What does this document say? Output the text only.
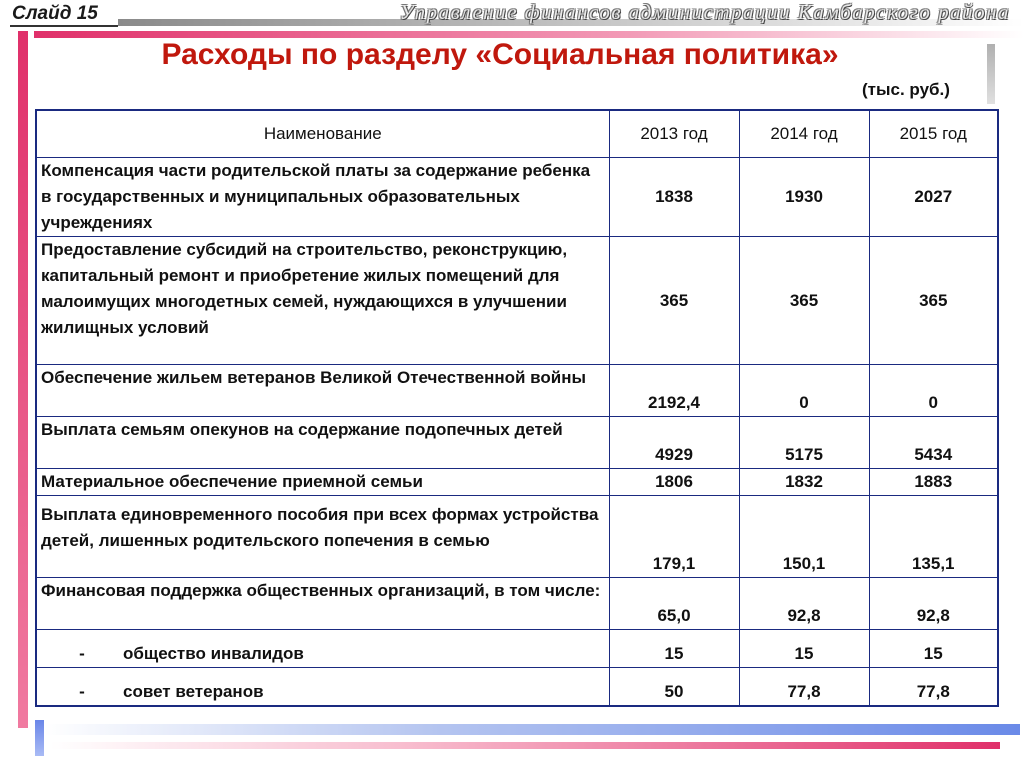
Слайд 15	Управление финансов администрации Камбарского района
Расходы по разделу «Социальная политика»
(тыс. руб.)
Наименование	2013 год	2014 год	2015 год
Компенсация части родительской платы за содержание ребенка в государственных и муниципальных образовательных учреждениях	1838	1930	2027
Предоставление субсидий на строительство, реконструкцию, капитальный ремонт и приобретение жилых помещений для малоимущих многодетных семей, нуждающихся в улучшении жилищных условий	365	365	365
Обеспечение жильем ветеранов Великой Отечественной войны	2192,4	0	0
Выплата семьям опекунов на содержание подопечных детей	4929	5175	5434
Материальное обеспечение приемной семьи	1806	1832	1883
Выплата единовременного пособия при всех формах устройства детей, лишенных родительского попечения в семью	179,1	150,1	135,1
Финансовая поддержка общественных организаций, в том числе:	65,0	92,8	92,8
- общество инвалидов	15	15	15
- совет ветеранов	50	77,8	77,8
